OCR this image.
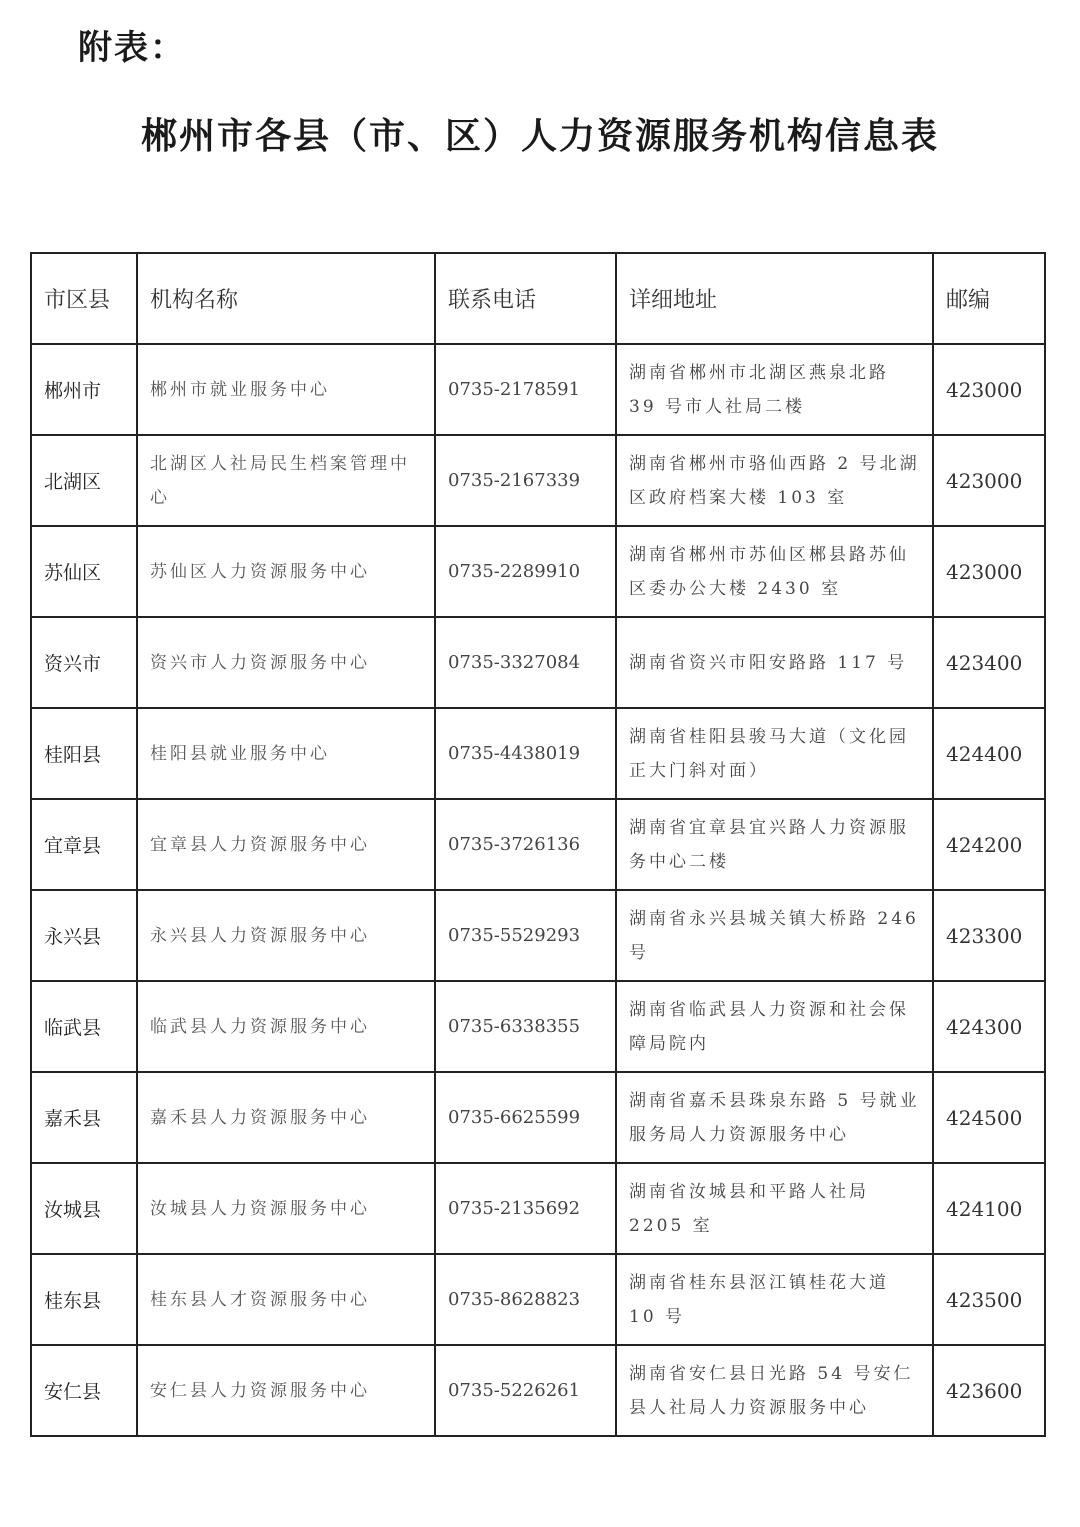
附表：
郴州市各县（市、区）人力资源服务机构信息表
市区县	机构名称	联系电话	详细地址	邮编
郴州市	郴州市就业服务中心	0735-2178591	湖南省郴州市北湖区燕泉北路 39 号市人社局二楼	423000
北湖区	北湖区人社局民生档案管理中心	0735-2167339	湖南省郴州市骆仙西路 2 号北湖区政府档案大楼 103 室	423000
苏仙区	苏仙区人力资源服务中心	0735-2289910	湖南省郴州市苏仙区郴县路苏仙区委办公大楼 2430 室	423000
资兴市	资兴市人力资源服务中心	0735-3327084	湖南省资兴市阳安路路 117 号	423400
桂阳县	桂阳县就业服务中心	0735-4438019	湖南省桂阳县骏马大道（文化园正大门斜对面）	424400
宜章县	宜章县人力资源服务中心	0735-3726136	湖南省宜章县宜兴路人力资源服务中心二楼	424200
永兴县	永兴县人力资源服务中心	0735-5529293	湖南省永兴县城关镇大桥路 246 号	423300
临武县	临武县人力资源服务中心	0735-6338355	湖南省临武县人力资源和社会保障局院内	424300
嘉禾县	嘉禾县人力资源服务中心	0735-6625599	湖南省嘉禾县珠泉东路 5 号就业服务局人力资源服务中心	424500
汝城县	汝城县人力资源服务中心	0735-2135692	湖南省汝城县和平路人社局 2205 室	424100
桂东县	桂东县人才资源服务中心	0735-8628823	湖南省桂东县沤江镇桂花大道 10 号	423500
安仁县	安仁县人力资源服务中心	0735-5226261	湖南省安仁县日光路 54 号安仁县人社局人力资源服务中心	423600
